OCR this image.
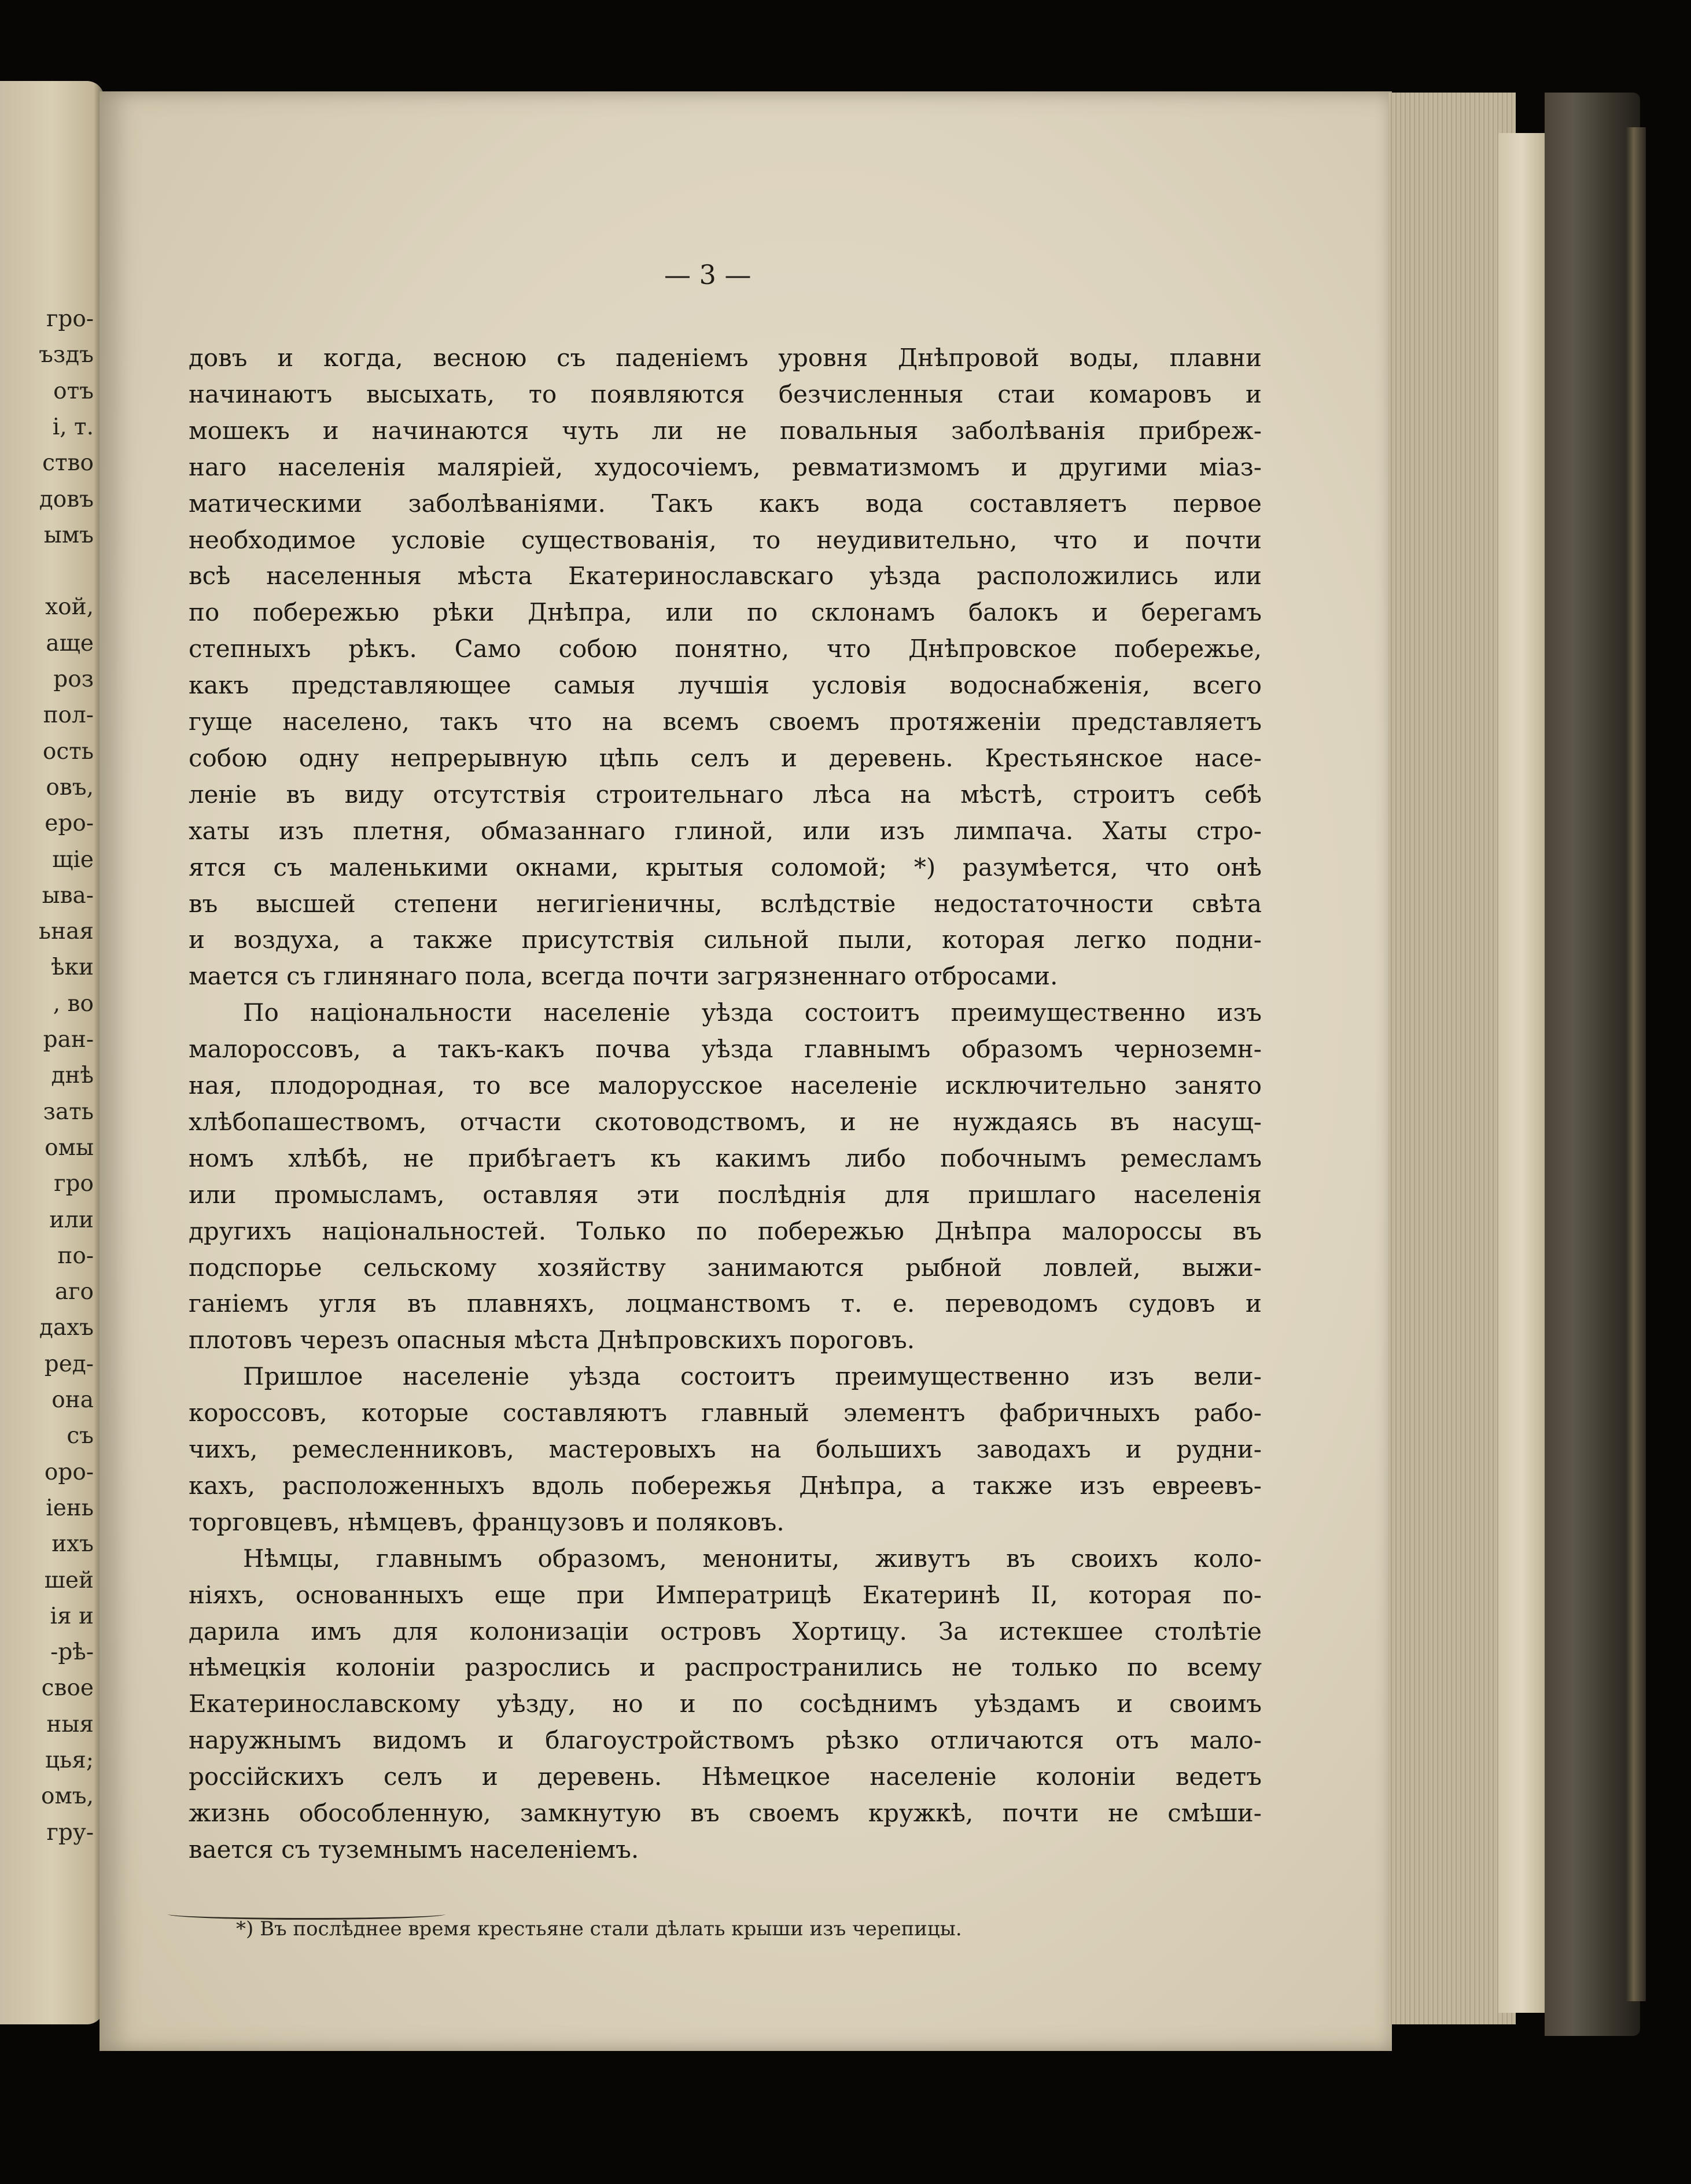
гро-
ъздъ
отъ
і, т.
ство
довъ
ымъ
хой,
аще
роз
пол-
ость
овъ,
еро-
щіе
ыва-
ьная
ѣки
, во
ран-
днѣ
зать
омы
гро
или
по-
аго
дахъ
ред-
она
съ
оро-
іень
ихъ
шей
ія и
-рѣ-
свое
ныя
цья;
омъ,
гру-
— 3 —
довъ и когда, весною съ паденіемъ уровня Днѣпровой воды, плавни
начинаютъ высыхать, то появляются безчисленныя стаи комаровъ и
мошекъ и начинаются чуть ли не повальныя заболѣванія прибреж-
наго населенія маляріей, худосочіемъ, ревматизмомъ и другими міаз-
матическими заболѣваніями. Такъ какъ вода составляетъ первое
необходимое условіе существованія, то неудивительно, что и почти
всѣ населенныя мѣста Екатеринославскаго уѣзда расположились или
по побережью рѣки Днѣпра, или по склонамъ балокъ и берегамъ
степныхъ рѣкъ. Само собою понятно, что Днѣпровское побережье,
какъ представляющее самыя лучшія условія водоснабженія, всего
гуще населено, такъ что на всемъ своемъ протяженіи представляетъ
собою одну непрерывную цѣпь селъ и деревень. Крестьянское насе-
леніе въ виду отсутствія строительнаго лѣса на мѣстѣ, строитъ себѣ
хаты изъ плетня, обмазаннаго глиной, или изъ лимпача. Хаты стро-
ятся съ маленькими окнами, крытыя соломой; *) разумѣется, что онѣ
въ высшей степени негигіеничны, вслѣдствіе недостаточности свѣта
и воздуха, а также присутствія сильной пыли, которая легко подни-
мается съ глинянаго пола, всегда почти загрязненнаго отбросами.
По національности населеніе уѣзда состоитъ преимущественно изъ
малороссовъ, а такъ-какъ почва уѣзда главнымъ образомъ черноземн-
ная, плодородная, то все малорусское населеніе исключительно занято
хлѣбопашествомъ, отчасти скотоводствомъ, и не нуждаясь въ насущ-
номъ хлѣбѣ, не прибѣгаетъ къ какимъ либо побочнымъ ремесламъ
или промысламъ, оставляя эти послѣднія для пришлаго населенія
другихъ національностей. Только по побережью Днѣпра малороссы въ
подспорье сельскому хозяйству занимаются рыбной ловлей, выжи-
ганіемъ угля въ плавняхъ, лоцманствомъ т. е. переводомъ судовъ и
плотовъ черезъ опасныя мѣста Днѣпровскихъ пороговъ.
Пришлое населеніе уѣзда состоитъ преимущественно изъ вели-
короссовъ, которые составляютъ главный элементъ фабричныхъ рабо-
чихъ, ремесленниковъ, мастеровыхъ на большихъ заводахъ и рудни-
кахъ, расположенныхъ вдоль побережья Днѣпра, а также изъ евреевъ-
торговцевъ, нѣмцевъ, французовъ и поляковъ.
Нѣмцы, главнымъ образомъ, менониты, живутъ въ своихъ коло-
ніяхъ, основанныхъ еще при Императрицѣ Екатеринѣ II, которая по-
дарила имъ для колонизаціи островъ Хортицу. За истекшее столѣтіе
нѣмецкія колоніи разрослись и распространились не только по всему
Екатеринославскому уѣзду, но и по сосѣднимъ уѣздамъ и своимъ
наружнымъ видомъ и благоустройствомъ рѣзко отличаются отъ мало-
россійскихъ селъ и деревень. Нѣмецкое населеніе колоніи ведетъ
жизнь обособленную, замкнутую въ своемъ кружкѣ, почти не смѣши-
вается съ туземнымъ населеніемъ.
*) Въ послѣднее время крестьяне стали дѣлать крыши изъ черепицы.
